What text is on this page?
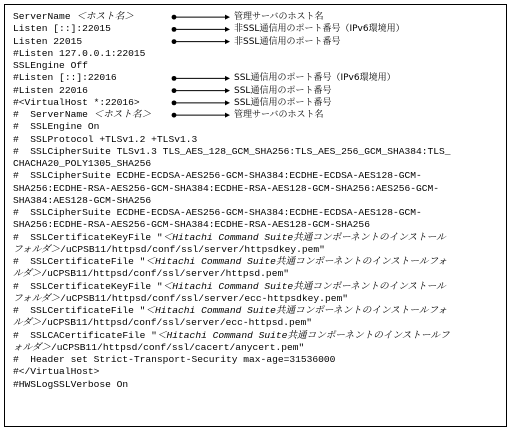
ServerName ＜ホスト名＞
Listen [::]:22015
Listen 22015
#Listen 127.0.0.1:22015
SSLEngine Off
#Listen [::]:22016
#Listen 22016
#<VirtualHost *:22016>
#  ServerName ＜ホスト名＞
#  SSLEngine On
#  SSLProtocol +TLSv1.2 +TLSv1.3
#  SSLCipherSuite TLSv1.3 TLS_AES_128_GCM_SHA256:TLS_AES_256_GCM_SHA384:TLS_
CHACHA20_POLY1305_SHA256
#  SSLCipherSuite ECDHE-ECDSA-AES256-GCM-SHA384:ECDHE-ECDSA-AES128-GCM-
SHA256:ECDHE-RSA-AES256-GCM-SHA384:ECDHE-RSA-AES128-GCM-SHA256:AES256-GCM-
SHA384:AES128-GCM-SHA256
#  SSLCipherSuite ECDHE-ECDSA-AES256-GCM-SHA384:ECDHE-ECDSA-AES128-GCM-
SHA256:ECDHE-RSA-AES256-GCM-SHA384:ECDHE-RSA-AES128-GCM-SHA256
#  SSLCertificateKeyFile "＜Hitachi Command Suite共通コンポーネントのインストール
フォルダ＞/uCPSB11/httpsd/conf/ssl/server/httpsdkey.pem"
#  SSLCertificateFile "＜Hitachi Command Suite共通コンポーネントのインストールフォ
ルダ＞/uCPSB11/httpsd/conf/ssl/server/httpsd.pem"
#  SSLCertificateKeyFile "＜Hitachi Command Suite共通コンポーネントのインストール
フォルダ＞/uCPSB11/httpsd/conf/ssl/server/ecc-httpsdkey.pem"
#  SSLCertificateFile "＜Hitachi Command Suite共通コンポーネントのインストールフォ
ルダ＞/uCPSB11/httpsd/conf/ssl/server/ecc-httpsd.pem"
#  SSLCACertificateFile "＜Hitachi Command Suite共通コンポーネントのインストールフ
ォルダ＞/uCPSB11/httpsd/conf/ssl/cacert/anycert.pem"
#  Header set Strict-Transport-Security max-age=31536000
#</VirtualHost>
#HWSLogSSLVerbose On
管理サーバのホスト名
非SSL通信用のポート番号（IPv6環境用）
非SSL通信用のポート番号
SSL通信用のポート番号（IPv6環境用）
SSL通信用のポート番号
SSL通信用のポート番号
管理サーバのホスト名
